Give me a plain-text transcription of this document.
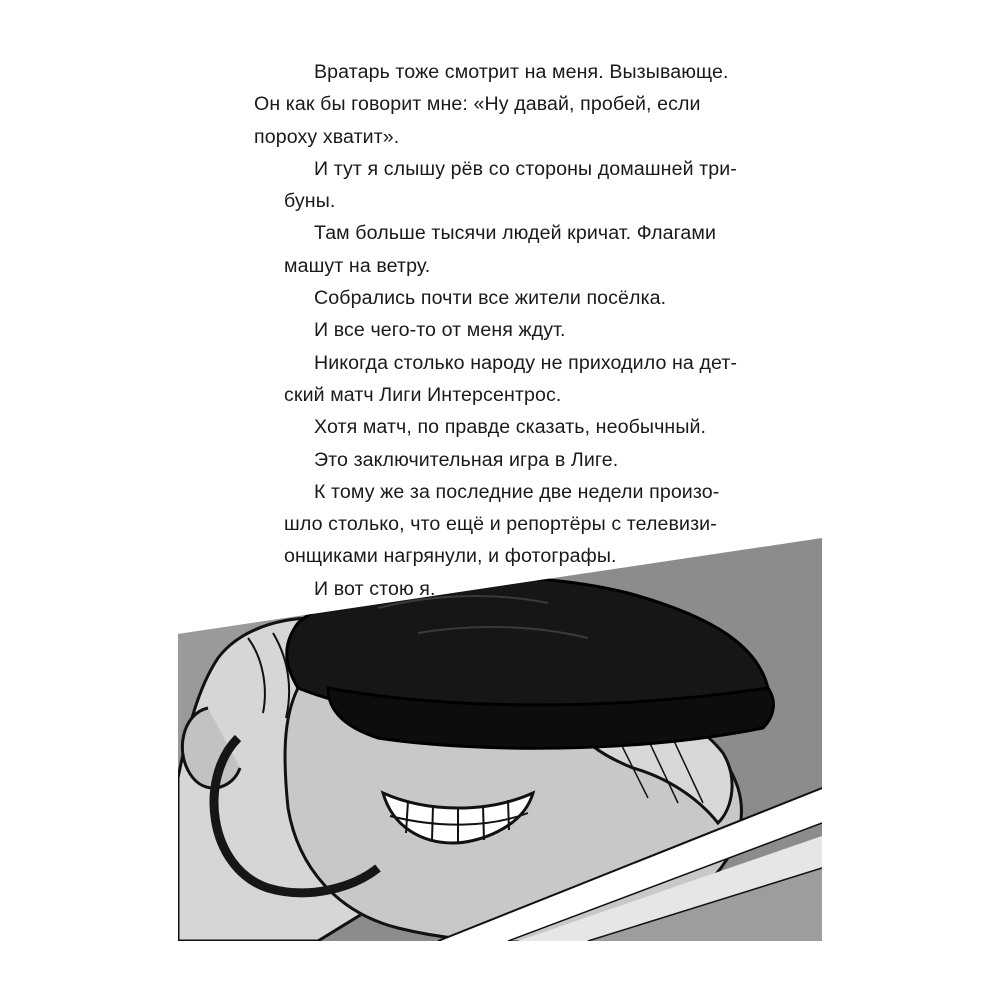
Вратарь тоже смотрит на меня. Вызывающе.
Он как бы говорит мне: «Ну давай, пробей, если
пороху хватит».

И тут я слышу рёв со стороны домашней три-
буны.

Там больше тысячи людей кричат. Флагами
машут на ветру.

Собрались почти все жители посёлка.

И все чего-то от меня ждут.

Никогда столько народу не приходило на дет-
ский матч Лиги Интерсентрос.

Хотя матч, по правде сказать, необычный.

Это заключительная игра в Лиге.

К тому же за последние две недели произо-
шло столько, что ещё и репортёры с телевизи-
онщиками нагрянули, и фотографы.

И вот стою я.
